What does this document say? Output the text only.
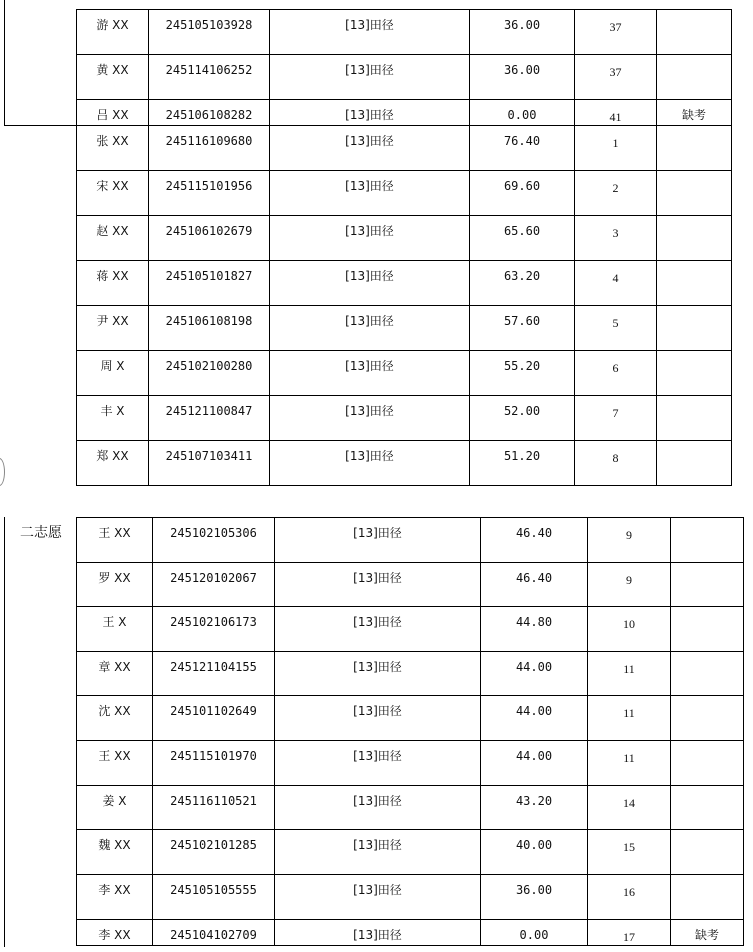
游 XX	245105103928	[13]田径	36.00	37	
黄 XX	245114106252	[13]田径	36.00	37	
吕 XX	245106108282	[13]田径	0.00	41	缺考
张 XX	245116109680	[13]田径	76.40	1	
宋 XX	245115101956	[13]田径	69.60	2	
赵 XX	245106102679	[13]田径	65.60	3	
蒋 XX	245105101827	[13]田径	63.20	4	
尹 XX	245106108198	[13]田径	57.60	5	
周 X	245102100280	[13]田径	55.20	6	
丰 X	245121100847	[13]田径	52.00	7	
郑 XX	245107103411	[13]田径	51.20	8	
二志愿	王 XX	245102105306	[13]田径	46.40	9	
罗 XX	245120102067	[13]田径	46.40	9	
王 X	245102106173	[13]田径	44.80	10	
章 XX	245121104155	[13]田径	44.00	11	
沈 XX	245101102649	[13]田径	44.00	11	
王 XX	245115101970	[13]田径	44.00	11	
姜 X	245116110521	[13]田径	43.20	14	
魏 XX	245102101285	[13]田径	40.00	15	
李 XX	245105105555	[13]田径	36.00	16	
李 XX	245104102709	[13]田径	0.00	17	缺考
